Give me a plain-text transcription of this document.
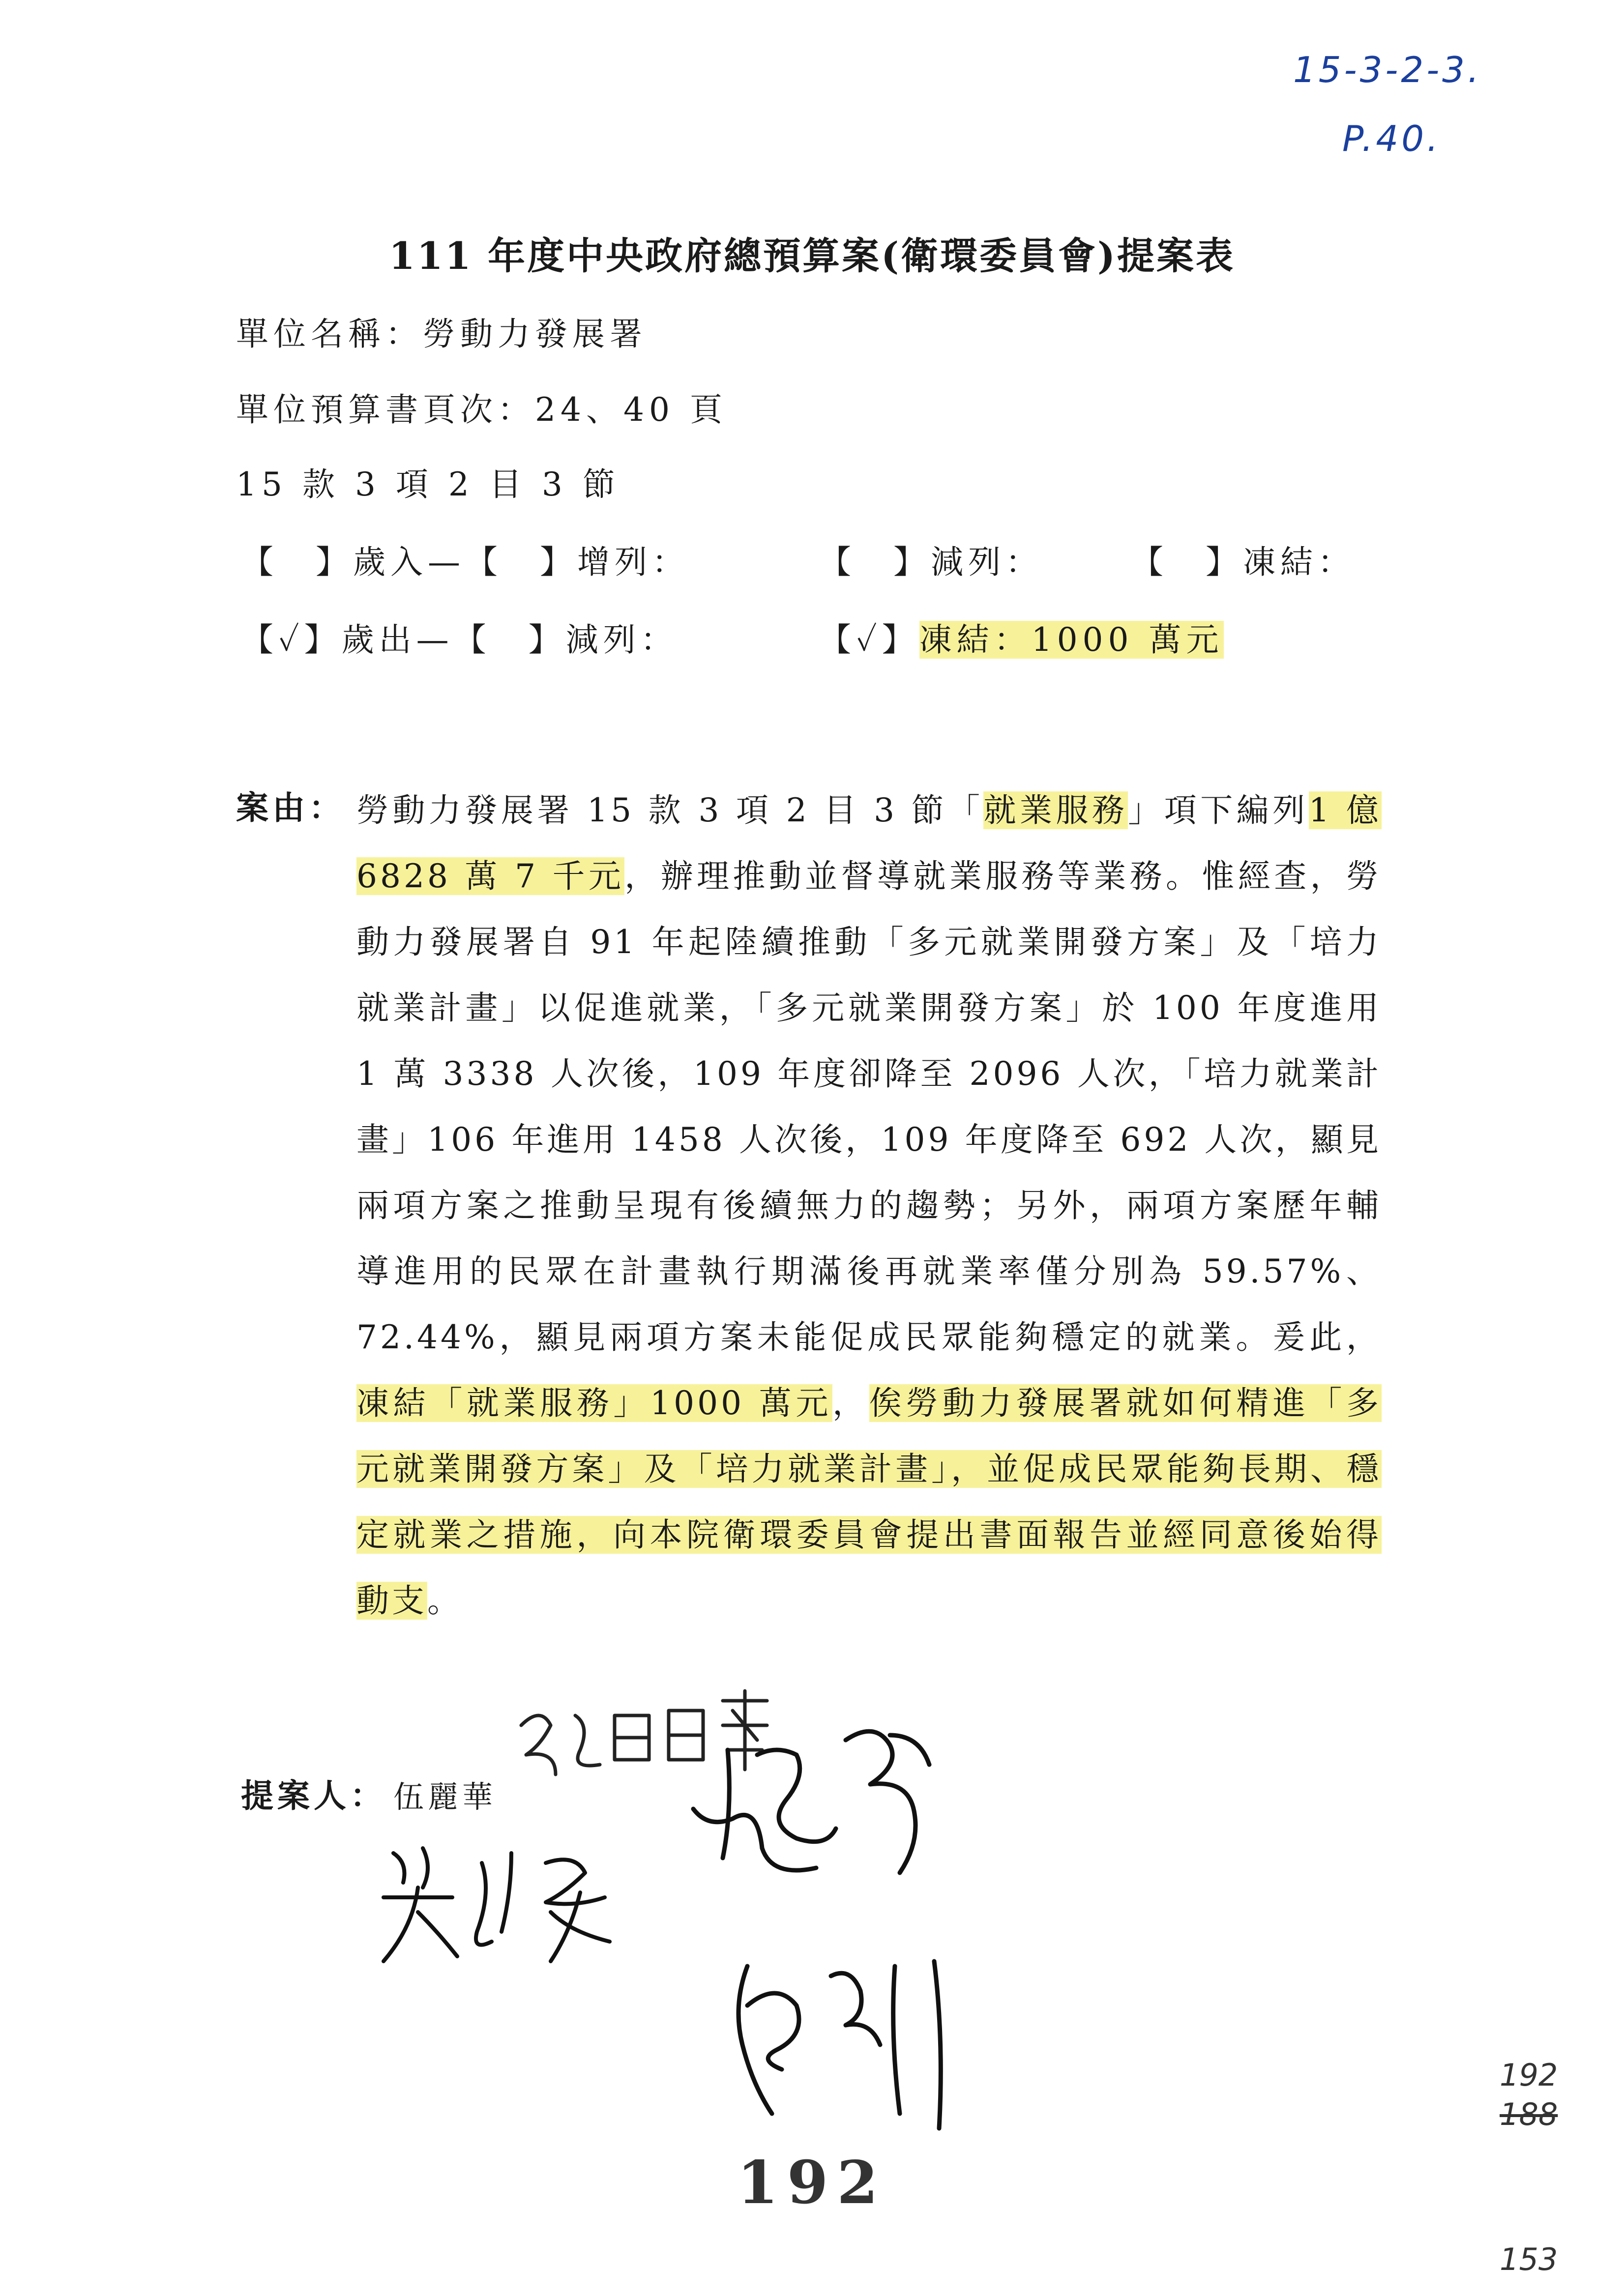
15-3-2-3.
P.40.
111 年度中央政府總預算案(衛環委員會)提案表
單位名稱：勞動力發展署
單位預算書頁次：24、40 頁
15 款 3 項 2 目 3 節
【　】歲入—【　】增列：	【　】減列：	【　】凍結：
【✓】歲出—【　】減列：	【✓】凍結：1000 萬元
案由： 勞動力發展署 15 款 3 項 2 目 3 節「就業服務」項下編列1 億 6828 萬 7 千元，辦理推動並督導就業服務等業務。惟經查，勞動力發展署自 91 年起陸續推動「多元就業開發方案」及「培力就業計畫」以促進就業，「多元就業開發方案」於 100 年度進用 1 萬 3338 人次後，109 年度卻降至 2096 人次，「培力就業計畫」106 年進用 1458 人次後，109 年度降至 692 人次，顯見兩項方案之推動呈現有後續無力的趨勢；另外，兩項方案歷年輔導進用的民眾在計畫執行期滿後再就業率僅分別為 59.57%、72.44%，顯見兩項方案未能促成民眾能夠穩定的就業。爰此，凍結「就業服務」1000 萬元，俟勞動力發展署就如何精進「多元就業開發方案」及「培力就業計畫」，並促成民眾能夠長期、穩定就業之措施，向本院衛環委員會提出書面報告並經同意後始得動支。
提案人： 伍麗華
192
192
188
153
